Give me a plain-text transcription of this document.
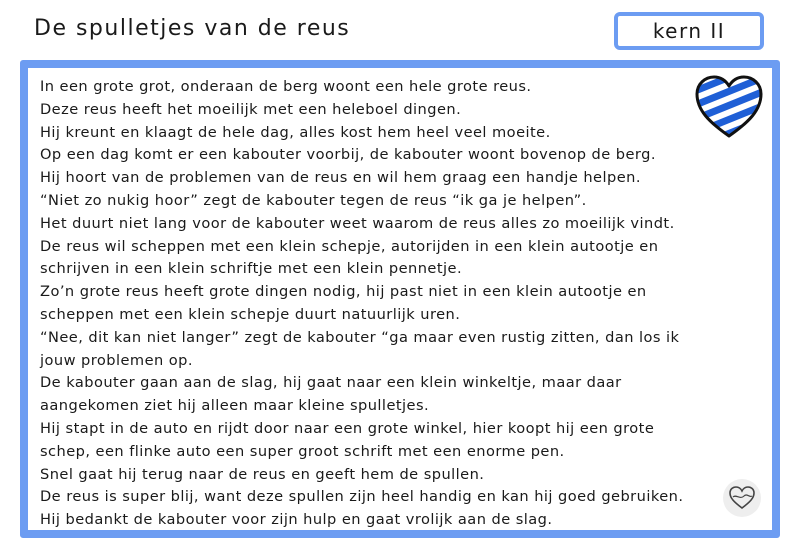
De spulletjes van de reus	kern II
In een grote grot, onderaan de berg woont een hele grote reus.
Deze reus heeft het moeilijk met een heleboel dingen.
Hij kreunt en klaagt de hele dag, alles kost hem heel veel moeite.
Op een dag komt er een kabouter voorbij, de kabouter woont bovenop de berg.
Hij hoort van de problemen van de reus en wil hem graag een handje helpen.
“Niet zo nukig hoor” zegt de kabouter tegen de reus “ik ga je helpen”.
Het duurt niet lang voor de kabouter weet waarom de reus alles zo moeilijk vindt.
De reus wil scheppen met een klein schepje, autorijden in een klein autootje en
schrijven in een klein schriftje met een klein pennetje.
Zo’n grote reus heeft grote dingen nodig, hij past niet in een klein autootje en
scheppen met een klein schepje duurt natuurlijk uren.
“Nee, dit kan niet langer” zegt de kabouter “ga maar even rustig zitten, dan los ik
jouw problemen op.
De kabouter gaan aan de slag, hij gaat naar een klein winkeltje, maar daar
aangekomen ziet hij alleen maar kleine spulletjes.
Hij stapt in de auto en rijdt door naar een grote winkel, hier koopt hij een grote
schep, een flinke auto een super groot schrift met een enorme pen.
Snel gaat hij terug naar de reus en geeft hem de spullen.
De reus is super blij, want deze spullen zijn heel handig en kan hij goed gebruiken.
Hij bedankt de kabouter voor zijn hulp en gaat vrolijk aan de slag.
